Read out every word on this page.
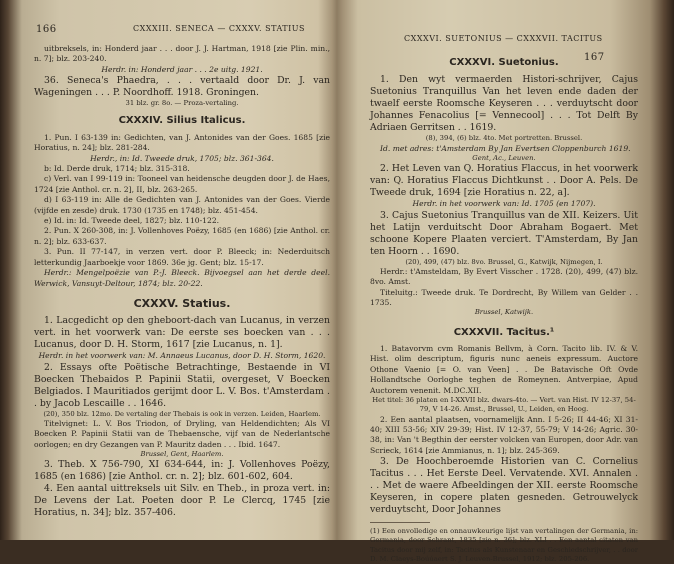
166	CXXXIII. SENECA — CXXXV. STATIUS

uitbreksels, in: Honderd jaar . . . door J. J. Hartman, 1918 [zie Plin. min., n. 7]; blz. 203-240.

Herdr. in: Honderd jaar . . . 2e uitg. 1921.

36. Seneca's Phaedra, . . . vertaald door Dr. J. van Wageningen . . . P. Noordhoff. 1918. Groningen.

31 blz. gr. 8o. — Proza-vertaling.

CXXXIV. Silius Italicus.

1. Pun. I 63-139 in: Gedichten, van J. Antonides van der Goes. 1685 [zie Horatius, n. 24]; blz. 281-284.

Herdr., in: Id. Tweede druk, 1705; blz. 361-364.

b: Id. Derde druk, 1714; blz. 315-318.

c) Verl. van I 99-119 in: Tooneel van heidensche deugden door J. de Haes, 1724 [zie Anthol. cr. n. 2], II, blz. 263-265.

d) I 63-119 in: Alle de Gedichten van J. Antonides van der Goes. Vierde (vijfde en zesde) druk. 1730 (1735 en 1748); blz. 451-454.

e) Id. in: Id. Tweede deel, 1827; blz. 110-122.

2. Pun. X 260-308, in: J. Vollenhoves Poëzy, 1685 (en 1686) [zie Anthol. cr. n. 2]; blz. 633-637.

3. Pun. II 77-147, in verzen vert. door P. Bleeck; in: Nederduitsch letterkundig Jaarboekje voor 1869. 36e jg. Gent; blz. 15-17.

Herdr.: Mengelpoëzie van P.-J. Bleeck. Bijvoegsel aan het derde deel. Werwick, Vansuyt-Deltour, 1874; blz. 20-22.

CXXXV. Statius.

1. Lacgedicht op den gheboort-dach van Lucanus, in verzen vert. in het voorwerk van: De eerste ses boecken van . . . Lucanus, door D. H. Storm, 1617 [zie Lucanus, n. 1].

Herdr. in het voorwerk van: M. Annaeus Lucanus, door D. H. Storm, 1620.

2. Essays ofte Poëtische Betrachtinge, Bestaende in VI Boecken Thebaidos P. Papinii Statii, overgeset, V Boecken Belgiados. I Mauritiados gerijmt door L. V. Bos. t'Amsterdam . . by Jacob Lescaille . . 1646.

(20), 350 blz. 12mo. De vertaling der Thebais is ook in verzen. Leiden, Haarlem.

Titelvignet: L. V. Bos Triodon, of Dryling, van Heldendichten; Als VI Boecken P. Papinii Statii van de Thebaensche, vijf van de Nederlantsche oorlogen; en dry Gezangen van P. Mauritz daden . . . Ibid. 1647.

Brussel, Gent, Haarlem.

3. Theb. X 756-790, XI 634-644, in: J. Vollenhoves Poëzy, 1685 (en 1686) [zie Anthol. cr. n. 2]; blz. 601-602, 604.

4. Een aantal uittreksels uit Silv. en Theb., in proza vert. in: De Levens der Lat. Poeten door P. Le Clercq, 1745 [zie Horatius, n. 34]; blz. 357-406.

CXXXVI. SUETONIUS — CXXXVII. TACITUS
167
CXXXVI. Suetonius.

1. Den wyt vermaerden Histori-schrijver, Cajus Suetonius Tranquillus Van het leven ende daden der twaelf eerste Roomsche Keyseren . . . verduytscht door Johannes Fenacolius [= Vennecool] . . . Tot Delft By Adriaen Gerritsen . . 1619.

(8), 394, (6) blz. 4to. Met portretten. Brussel.

Id. met adres: t'Amsterdam By Jan Evertsen Cloppenburch 1619.

Gent, Ac., Leuven.

2. Het Leven van Q. Horatius Flaccus, in het voorwerk van: Q. Horatius Flaccus Dichtkunst . . Door A. Pels. De Tweede druk, 1694 [zie Horatius n. 22, a].

Herdr. in het voorwerk van: Id. 1705 (en 1707).

3. Cajus Suetonius Tranquillus van de XII. Keizers. Uit het Latijn verduitscht Door Abraham Bogaert. Met schoone Kopere Plaaten verciert. T'Amsterdam, By Jan ten Hoorn . . 1690.

(20), 499, (47) blz. 8vo. Brussel, G., Katwijk, Nijmegen, I.

Herdr.: t'Amsteldam, By Evert Visscher . 1728. (20), 499, (47) blz. 8vo. Amst.

Titeluitg.: Tweede druk. Te Dordrecht, By Willem van Gelder . . 1735.

Brussel, Katwijk.

CXXXVII. Tacitus.¹

1. Batavorvm cvm Romanis Bellvm, à Corn. Tacito lib. IV. & V. Hist. olim descriptum, figuris nunc aeneis expressum. Auctore Othone Vaenio [= O. van Veen] . . De Batavische Oft Ovde Hollandtsche Oorloghe teghen de Romeynen. Antverpiae, Apud Auctorem venenit. M.DC.XII.

Het titel: 36 platen en I-XXVII blz. dwars-4to. — Vert. van Hist. IV 12-37, 54-79, V 14-26. Amst., Brussel, U., Leiden, en Hoog.

2. Een aantal plaatsen, voornamelijk Ann. I 5-26; II 44-46; XI 31-40; XIII 53-56; XIV 29-39; Hist. IV 12-37, 55-79; V 14-26; Agric. 30-38, in: Van 't Begthin der eerster volcken van Europen, door Adr. van Scrieck, 1614 [zie Ammianus, n. 1]; blz. 245-369.

3. De Hoochberoemde Historien van C. Cornelius Tacitus . . . Het Eerste Deel. Vervatende. XVI. Annalen . . . Met de waere Afbeeldingen der XII. eerste Roomsche Keyseren, in copere platen gesneden. Getrouwelyck verduytscht, Door Johannes

(1) Een onvolledige en onnauwkeurige lijst van vertalingen der Germania, in: Germania, door Schrant, 1835 [zie n. 36]; blz. XLI . . Een aantal citaten van Tacitus door mij zelf, in: Tacitus als Kunstenaar en Geschiedschrijver, . . door D. M. Claeys-Boúúaert S. J. Leuven-Brussel, 1912; blz. 205-206.
